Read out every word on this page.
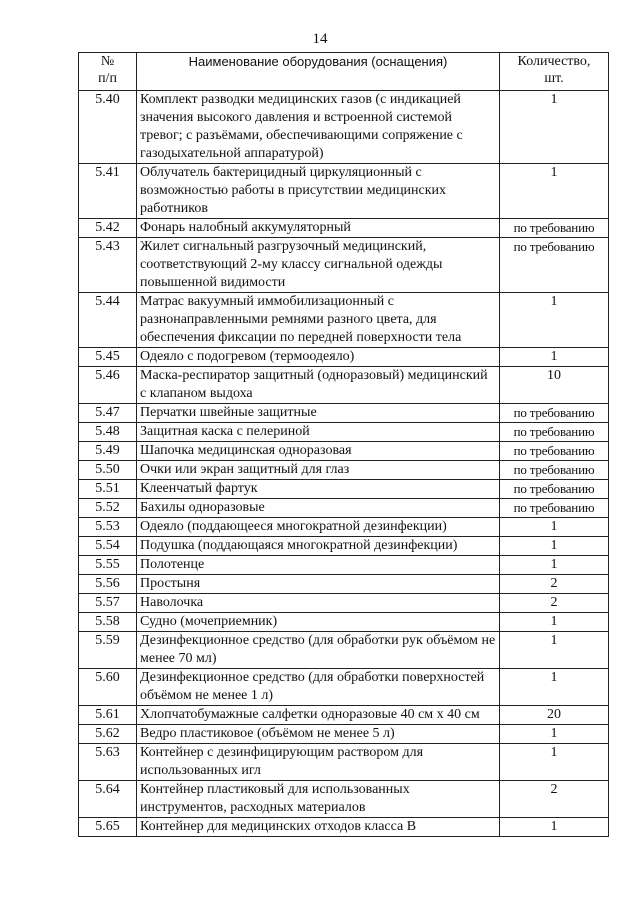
14
№
п/п	Наименование оборудования (оснащения)	Количество,
шт.
5.40	Комплект разводки медицинских газов (с индикацией значения высокого давления и встроенной системой тревог; с разъёмами, обеспечивающими сопряжение с газодыхательной аппаратурой)	1
5.41	Облучатель бактерицидный циркуляционный с возможностью работы в присутствии медицинских работников	1
5.42	Фонарь налобный аккумуляторный	по требованию
5.43	Жилет сигнальный разгрузочный медицинский, соответствующий 2-му классу сигнальной одежды повышенной видимости	по требованию
5.44	Матрас вакуумный иммобилизационный с разнонаправленными ремнями разного цвета, для обеспечения фиксации по передней поверхности тела	1
5.45	Одеяло с подогревом (термоодеяло)	1
5.46	Маска-респиратор защитный (одноразовый) медицинский с клапаном выдоха	10
5.47	Перчатки швейные защитные	по требованию
5.48	Защитная каска с пелериной	по требованию
5.49	Шапочка медицинская одноразовая	по требованию
5.50	Очки или экран защитный для глаз	по требованию
5.51	Клеенчатый фартук	по требованию
5.52	Бахилы одноразовые	по требованию
5.53	Одеяло (поддающееся многократной дезинфекции)	1
5.54	Подушка (поддающаяся многократной дезинфекции)	1
5.55	Полотенце	1
5.56	Простыня	2
5.57	Наволочка	2
5.58	Судно (мочеприемник)	1
5.59	Дезинфекционное средство (для обработки рук объёмом не менее 70 мл)	1
5.60	Дезинфекционное средство (для обработки поверхностей объёмом не менее 1 л)	1
5.61	Хлопчатобумажные салфетки одноразовые 40 см х 40 см	20
5.62	Ведро пластиковое (объёмом не менее 5 л)	1
5.63	Контейнер с дезинфицирующим раствором для использованных игл	1
5.64	Контейнер пластиковый для использованных инструментов, расходных материалов	2
5.65	Контейнер для медицинских отходов класса В	1
